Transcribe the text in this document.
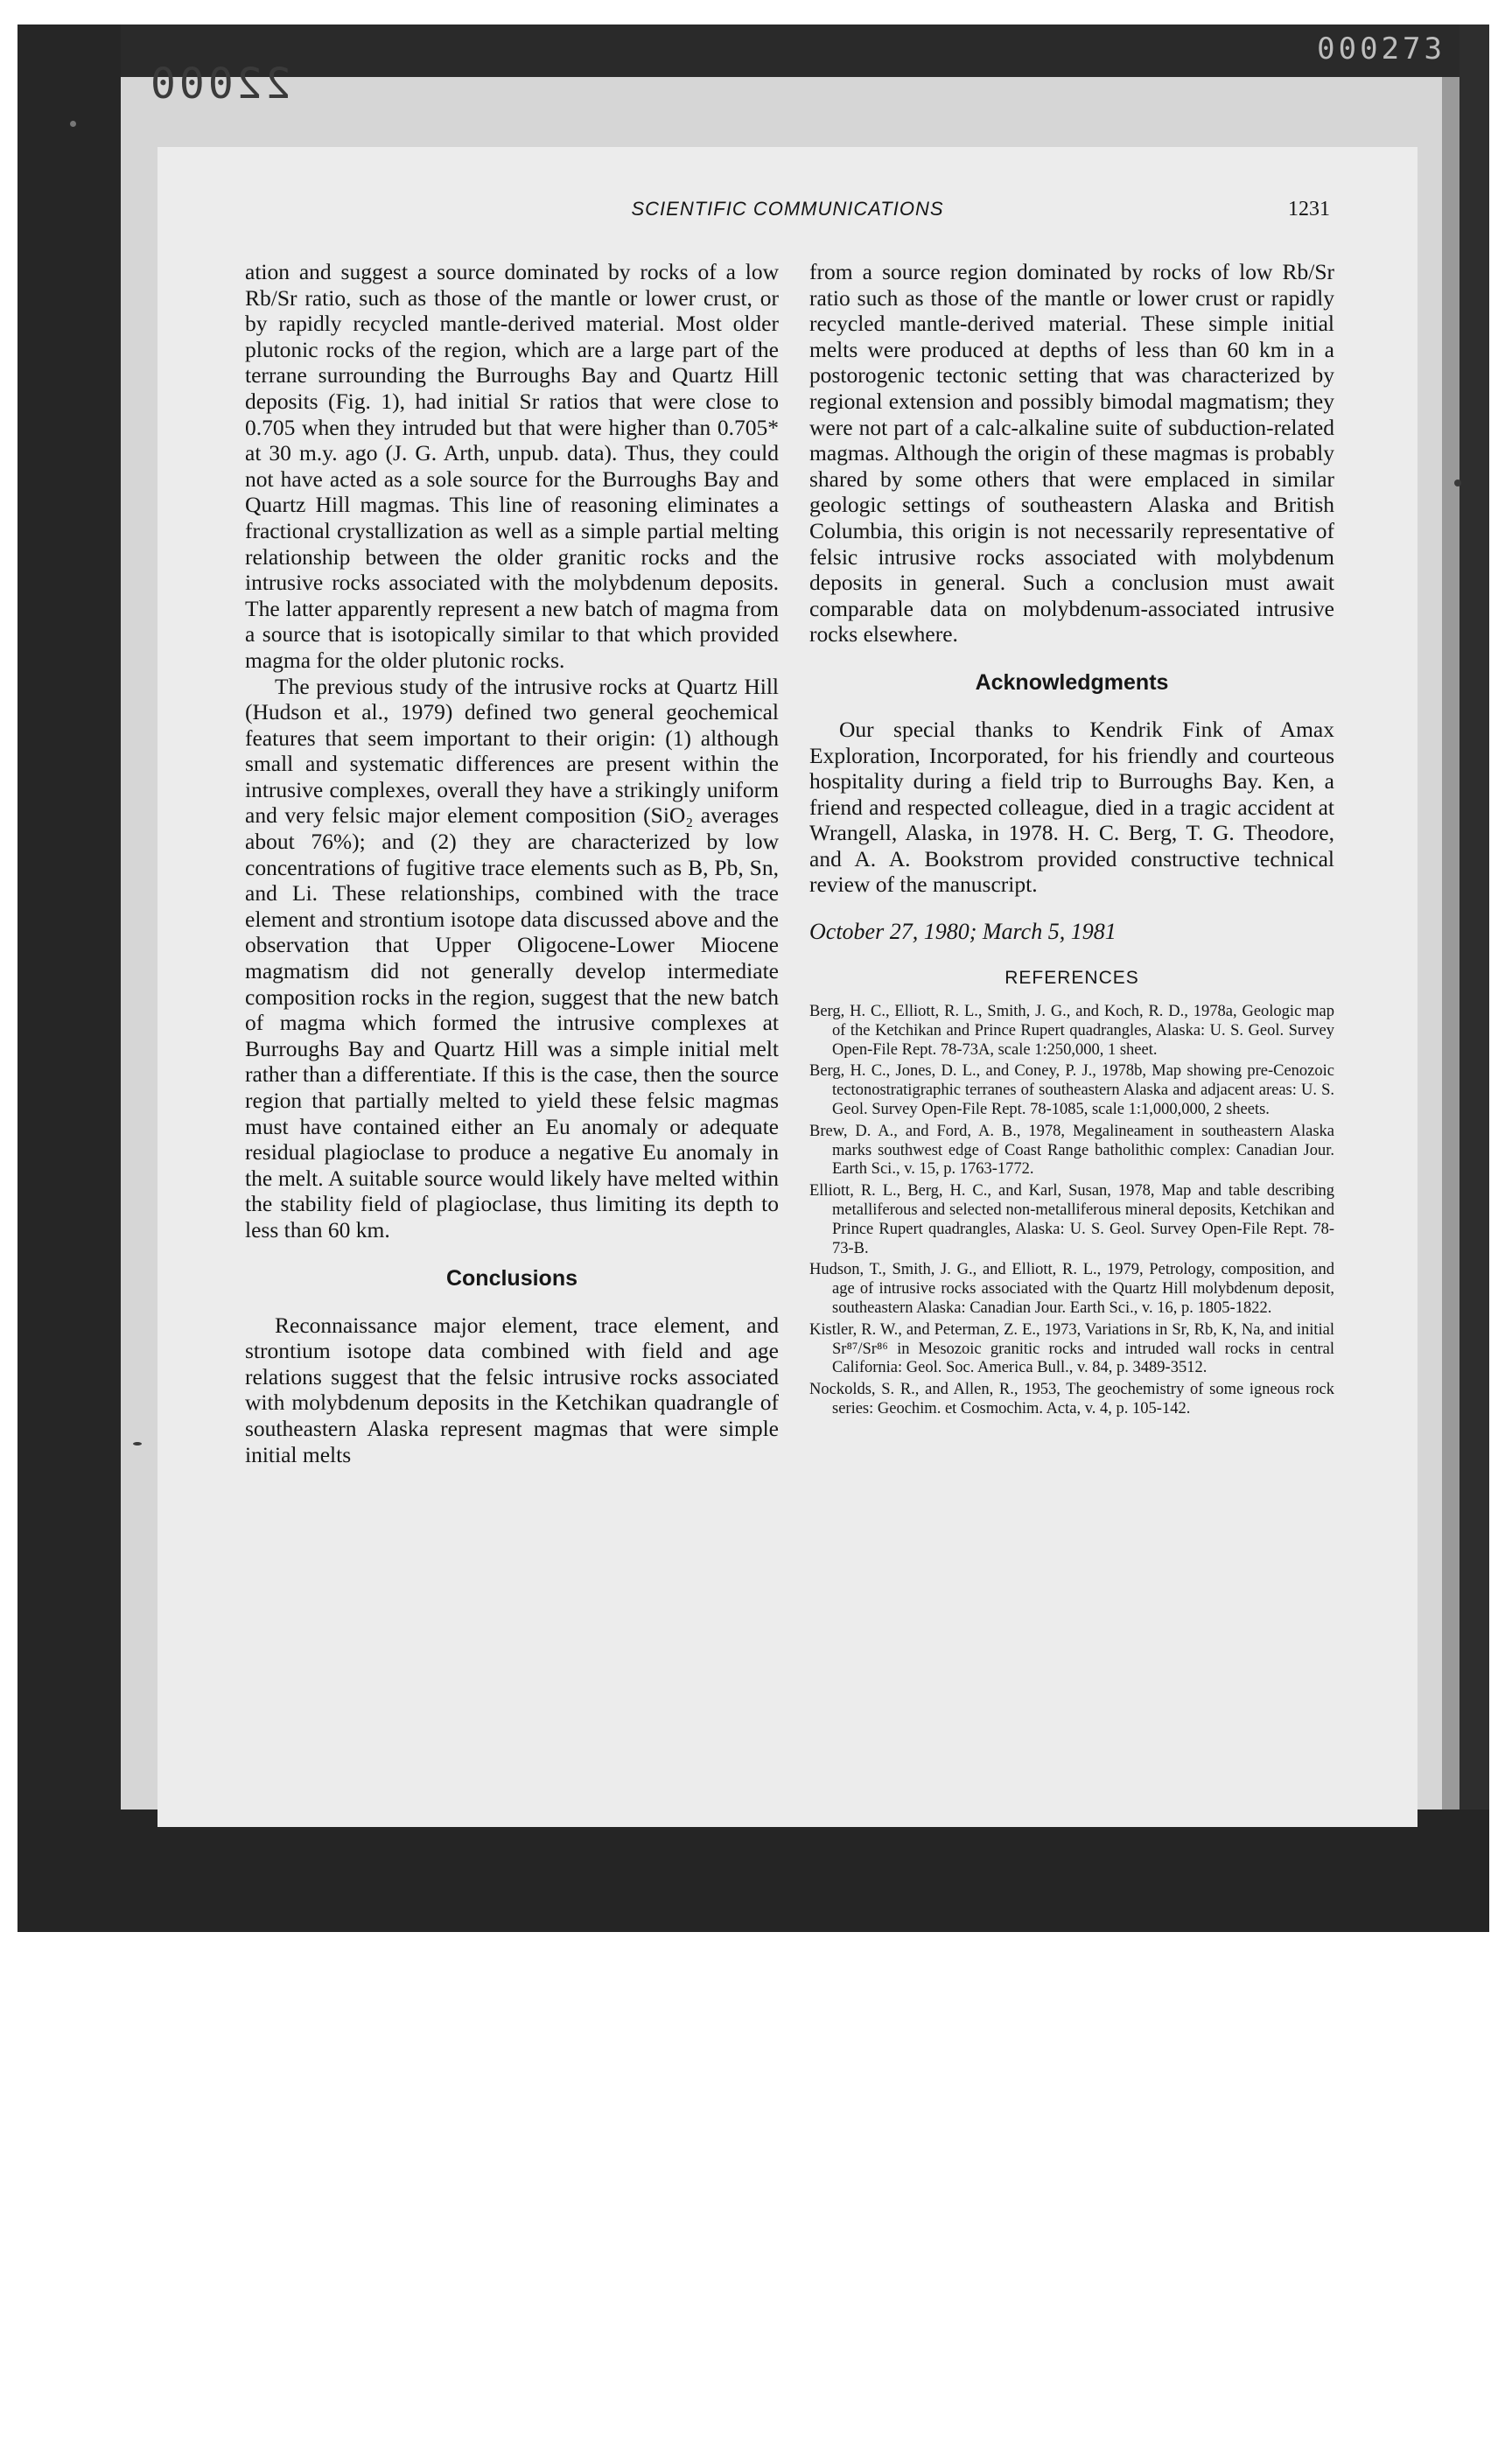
22000
000273
SCIENTIFIC COMMUNICATIONS	1231

ation and suggest a source dominated by rocks of a low Rb/Sr ratio, such as those of the mantle or lower crust, or by rapidly recycled mantle-derived material. Most older plutonic rocks of the region, which are a large part of the terrane surrounding the Burroughs Bay and Quartz Hill deposits (Fig. 1), had initial Sr ratios that were close to 0.705 when they intruded but that were higher than 0.705* at 30 m.y. ago (J. G. Arth, unpub. data). Thus, they could not have acted as a sole source for the Burroughs Bay and Quartz Hill magmas. This line of reasoning eliminates a fractional crystallization as well as a simple partial melting relationship between the older granitic rocks and the intrusive rocks associated with the molybdenum deposits. The latter apparently represent a new batch of magma from a source that is isotopically similar to that which provided magma for the older plutonic rocks.

The previous study of the intrusive rocks at Quartz Hill (Hudson et al., 1979) defined two general geochemical features that seem important to their origin: (1) although small and systematic differences are present within the intrusive complexes, overall they have a strikingly uniform and very felsic major element composition (SiO₂ averages about 76%); and (2) they are characterized by low concentrations of fugitive trace elements such as B, Pb, Sn, and Li. These relationships, combined with the trace element and strontium isotope data discussed above and the observation that Upper Oligocene-Lower Miocene magmatism did not generally develop intermediate composition rocks in the region, suggest that the new batch of magma which formed the intrusive complexes at Burroughs Bay and Quartz Hill was a simple initial melt rather than a differentiate. If this is the case, then the source region that partially melted to yield these felsic magmas must have contained either an Eu anomaly or adequate residual plagioclase to produce a negative Eu anomaly in the melt. A suitable source would likely have melted within the stability field of plagioclase, thus limiting its depth to less than 60 km.

Conclusions

Reconnaissance major element, trace element, and strontium isotope data combined with field and age relations suggest that the felsic intrusive rocks associated with molybdenum deposits in the Ketchikan quadrangle of southeastern Alaska represent magmas that were simple initial melts

from a source region dominated by rocks of low Rb/Sr ratio such as those of the mantle or lower crust or rapidly recycled mantle-derived material. These simple initial melts were produced at depths of less than 60 km in a postorogenic tectonic setting that was characterized by regional extension and possibly bimodal magmatism; they were not part of a calc-alkaline suite of subduction-related magmas. Although the origin of these magmas is probably shared by some others that were emplaced in similar geologic settings of southeastern Alaska and British Columbia, this origin is not necessarily representative of felsic intrusive rocks associated with molybdenum deposits in general. Such a conclusion must await comparable data on molybdenum-associated intrusive rocks elsewhere.

Acknowledgments

Our special thanks to Kendrik Fink of Amax Exploration, Incorporated, for his friendly and courteous hospitality during a field trip to Burroughs Bay. Ken, a friend and respected colleague, died in a tragic accident at Wrangell, Alaska, in 1978. H. C. Berg, T. G. Theodore, and A. A. Bookstrom provided constructive technical review of the manuscript.

October 27, 1980; March 5, 1981
REFERENCES

Berg, H. C., Elliott, R. L., Smith, J. G., and Koch, R. D., 1978a, Geologic map of the Ketchikan and Prince Rupert quadrangles, Alaska: U. S. Geol. Survey Open-File Rept. 78-73A, scale 1:250,000, 1 sheet.

Berg, H. C., Jones, D. L., and Coney, P. J., 1978b, Map showing pre-Cenozoic tectonostratigraphic terranes of southeastern Alaska and adjacent areas: U. S. Geol. Survey Open-File Rept. 78-1085, scale 1:1,000,000, 2 sheets.

Brew, D. A., and Ford, A. B., 1978, Megalineament in southeastern Alaska marks southwest edge of Coast Range batholithic complex: Canadian Jour. Earth Sci., v. 15, p. 1763-1772.

Elliott, R. L., Berg, H. C., and Karl, Susan, 1978, Map and table describing metalliferous and selected non-metalliferous mineral deposits, Ketchikan and Prince Rupert quadrangles, Alaska: U. S. Geol. Survey Open-File Rept. 78-73-B.

Hudson, T., Smith, J. G., and Elliott, R. L., 1979, Petrology, composition, and age of intrusive rocks associated with the Quartz Hill molybdenum deposit, southeastern Alaska: Canadian Jour. Earth Sci., v. 16, p. 1805-1822.

Kistler, R. W., and Peterman, Z. E., 1973, Variations in Sr, Rb, K, Na, and initial Sr⁸⁷/Sr⁸⁶ in Mesozoic granitic rocks and intruded wall rocks in central California: Geol. Soc. America Bull., v. 84, p. 3489-3512.

Nockolds, S. R., and Allen, R., 1953, The geochemistry of some igneous rock series: Geochim. et Cosmochim. Acta, v. 4, p. 105-142.
